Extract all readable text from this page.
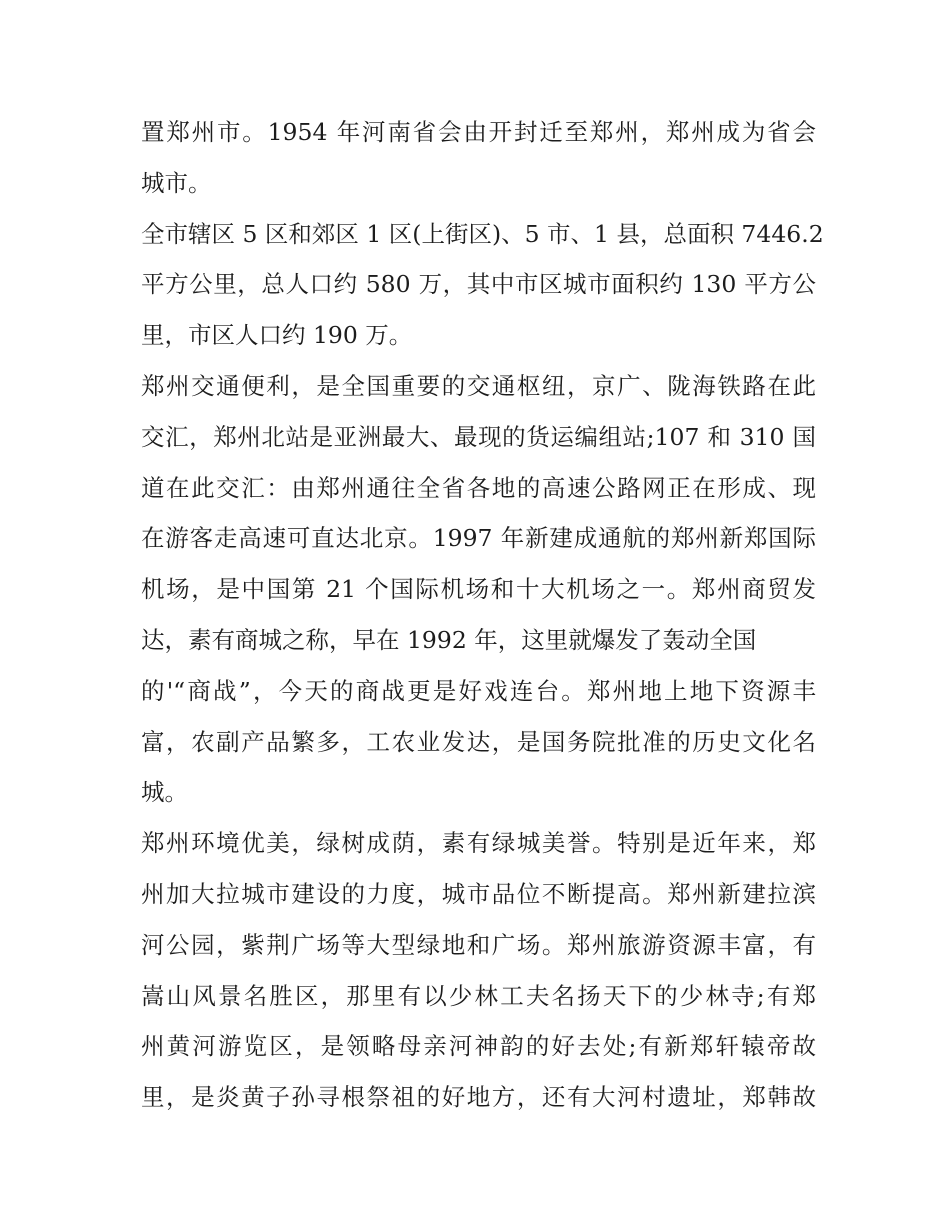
置郑州市。1954 年河南省会由开封迁至郑州，郑州成为省会
城市。
全市辖区 5 区和郊区 1 区(上街区)、5 市、1 县，总面积 7446.2
平方公里，总人口约 580 万，其中市区城市面积约 130 平方公
里，市区人口约 190 万。
郑州交通便利，是全国重要的交通枢纽，京广、陇海铁路在此
交汇，郑州北站是亚洲最大、最现的货运编组站;107 和 310 国
道在此交汇：由郑州通往全省各地的高速公路网正在形成、现
在游客走高速可直达北京。1997 年新建成通航的郑州新郑国际
机场，是中国第 21 个国际机场和十大机场之一。郑州商贸发
达，素有商城之称，早在 1992 年，这里就爆发了轰动全国
的'“商战”，今天的商战更是好戏连台。郑州地上地下资源丰
富，农副产品繁多，工农业发达，是国务院批准的历史文化名
城。
郑州环境优美，绿树成荫，素有绿城美誉。特别是近年来，郑
州加大拉城市建设的力度，城市品位不断提高。郑州新建拉滨
河公园，紫荆广场等大型绿地和广场。郑州旅游资源丰富，有
嵩山风景名胜区，那里有以少林工夫名扬天下的少林寺;有郑
州黄河游览区，是领略母亲河神韵的好去处;有新郑轩辕帝故
里，是炎黄子孙寻根祭祖的好地方，还有大河村遗址，郑韩故
